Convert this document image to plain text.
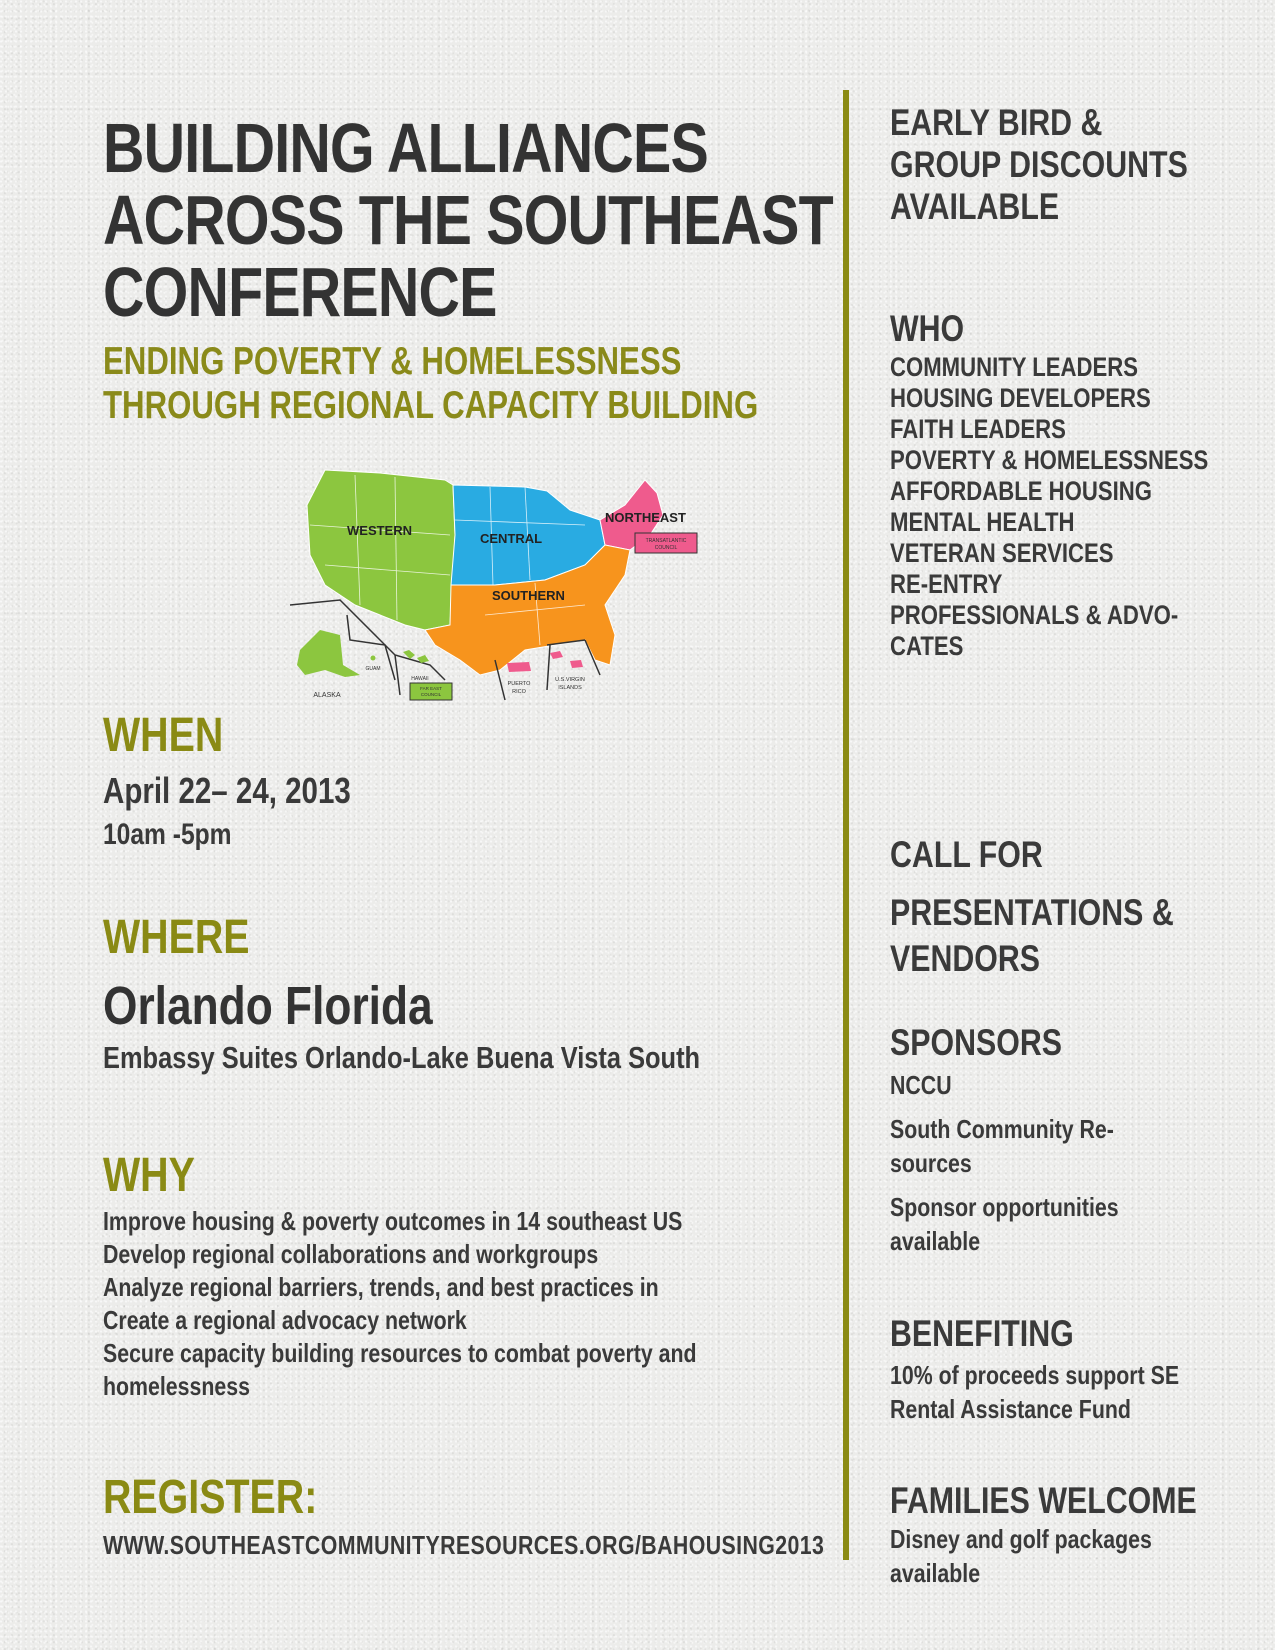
BUILDING ALLIANCES
ACROSS THE SOUTHEAST
CONFERENCE
ENDING POVERTY & HOMELESSNESS
THROUGH REGIONAL CAPACITY BUILDING
WESTERN
CENTRAL
NORTHEAST
SOUTHERN
TRANSATLANTIC
COUNCIL
ALASKA
GUAM
HAWAII
FAR EAST
COUNCIL
PUERTO
RICO
U.S.VIRGIN
ISLANDS
WHEN
April 22– 24, 2013
10am -5pm
WHERE
Orlando Florida
Embassy Suites Orlando-Lake Buena Vista South
WHY
Improve housing & poverty outcomes in 14 southeast US
Develop regional collaborations and workgroups
Analyze regional barriers, trends, and best practices in
Create a regional advocacy network
Secure capacity building resources to combat poverty and
homelessness
REGISTER:
WWW.SOUTHEASTCOMMUNITYRESOURCES.ORG/BAHOUSING2013
EARLY BIRD &
GROUP DISCOUNTS
AVAILABLE
WHO
COMMUNITY LEADERS
HOUSING DEVELOPERS
FAITH LEADERS
POVERTY & HOMELESSNESS
AFFORDABLE HOUSING
MENTAL HEALTH
VETERAN SERVICES
RE-ENTRY
PROFESSIONALS & ADVO-
CATES
CALL FOR
PRESENTATIONS &
VENDORS
SPONSORS
NCCU
South Community Re-
sources
Sponsor opportunities
available
BENEFITING
10% of proceeds support SE
Rental Assistance Fund
FAMILIES WELCOME
Disney and golf packages
available
